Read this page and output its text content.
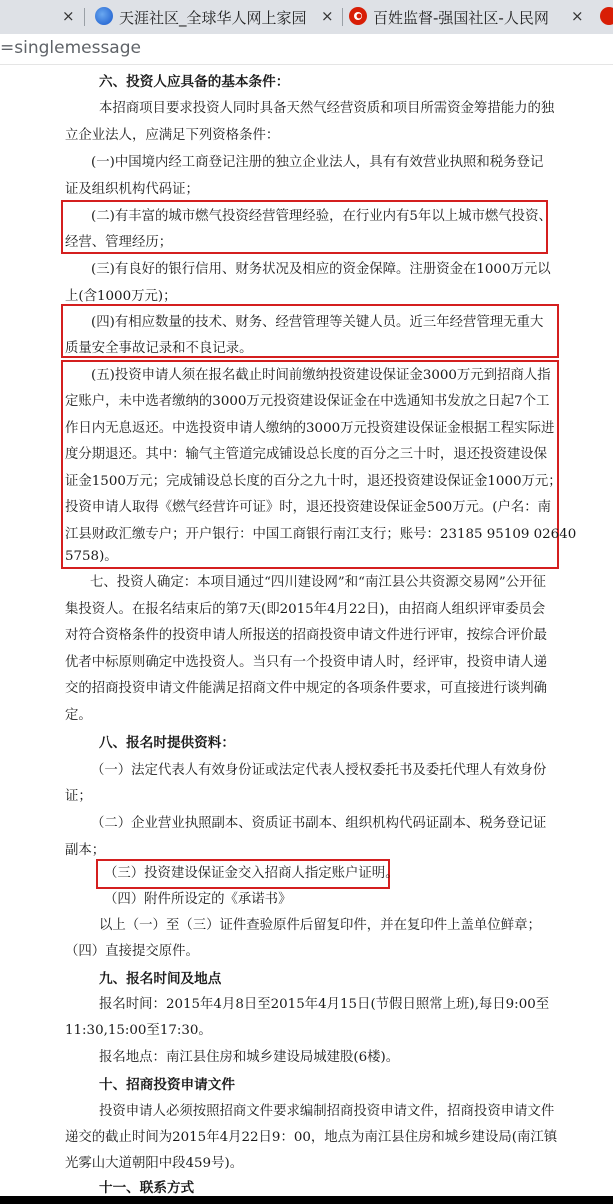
×	天涯社区_全球华人网上家园 ×	百姓监督-强国社区-人民网 ×
=singlemessage
六、投资人应具备的基本条件：
本招商项目要求投资人同时具备天然气经营资质和项目所需资金筹措能力的独
立企业法人，应满足下列资格条件：
(一)中国境内经工商登记注册的独立企业法人，具有有效营业执照和税务登记
证及组织机构代码证；
(二)有丰富的城市燃气投资经营管理经验，在行业内有5年以上城市燃气投资、
经营、管理经历；
(三)有良好的银行信用、财务状况及相应的资金保障。注册资金在1000万元以
上(含1000万元)；
(四)有相应数量的技术、财务、经营管理等关键人员。近三年经营管理无重大
质量安全事故记录和不良记录。
(五)投资申请人须在报名截止时间前缴纳投资建设保证金3000万元到招商人指
定账户，未中选者缴纳的3000万元投资建设保证金在中选通知书发放之日起7个工
作日内无息返还。中选投资申请人缴纳的3000万元投资建设保证金根据工程实际进
度分期退还。其中：输气主管道完成铺设总长度的百分之三十时，退还投资建设保
证金1500万元；完成铺设总长度的百分之九十时，退还投资建设保证金1000万元；
投资申请人取得《燃气经营许可证》时，退还投资建设保证金500万元。(户名：南
江县财政汇缴专户；开户银行：中国工商银行南江支行；账号：23185 95109 02640
5758)。
七、投资人确定：本项目通过“四川建设网”和“南江县公共资源交易网”公开征
集投资人。在报名结束后的第7天(即2015年4月22日)，由招商人组织评审委员会
对符合资格条件的投资申请人所报送的招商投资申请文件进行评审，按综合评价最
优者中标原则确定中选投资人。当只有一个投资申请人时，经评审，投资申请人递
交的招商投资申请文件能满足招商文件中规定的各项条件要求，可直接进行谈判确
定。
八、报名时提供资料：
（一）法定代表人有效身份证或法定代表人授权委托书及委托代理人有效身份
证；
（二）企业营业执照副本、资质证书副本、组织机构代码证副本、税务登记证
副本；
（三）投资建设保证金交入招商人指定账户证明。
（四）附件所设定的《承诺书》
以上（一）至（三）证件查验原件后留复印件，并在复印件上盖单位鲜章；
（四）直接提交原件。
九、报名时间及地点
报名时间：2015年4月8日至2015年4月15日(节假日照常上班),每日9:00至
11:30,15:00至17:30。
报名地点：南江县住房和城乡建设局城建股(6楼)。
十、招商投资申请文件
投资申请人必须按照招商文件要求编制招商投资申请文件，招商投资申请文件
递交的截止时间为2015年4月22日9：00，地点为南江县住房和城乡建设局(南江镇
光雾山大道朝阳中段459号)。
十一、联系方式
